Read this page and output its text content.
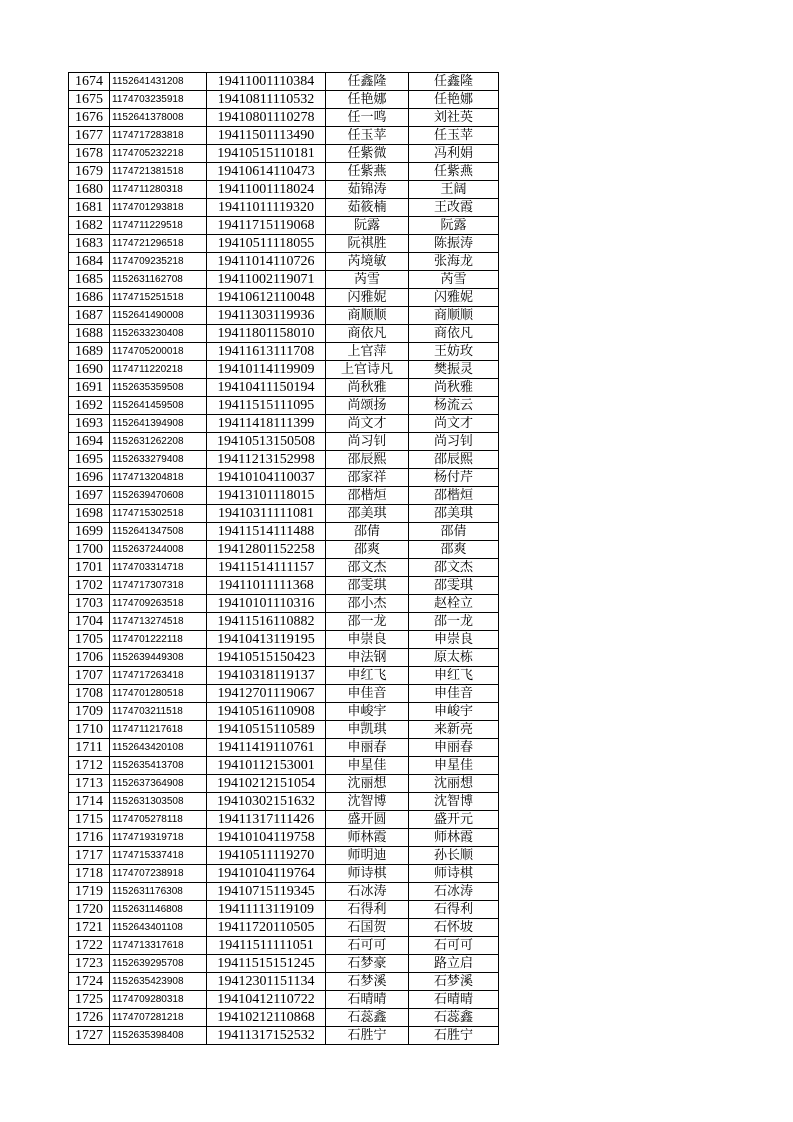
1674	1152641431208	19411001110384	任鑫隆	任鑫隆
1675	1174703235918	19410811110532	任艳娜	任艳娜
1676	1152641378008	19410801110278	任一鸣	刘社英
1677	1174717283818	19411501113490	任玉苹	任玉苹
1678	1174705232218	19410515110181	任紫微	冯利娟
1679	1174721381518	19410614110473	任紫燕	任紫燕
1680	1174711280318	19411001118024	茹锦涛	王阔
1681	1174701293818	19411011119320	茹筱楠	王改霞
1682	1174711229518	19411715119068	阮露	阮露
1683	1174721296518	19410511118055	阮祺胜	陈振涛
1684	1174709235218	19411014110726	芮境敏	张海龙
1685	1152631162708	19411002119071	芮雪	芮雪
1686	1174715251518	19410612110048	闪雅妮	闪雅妮
1687	1152641490008	19411303119936	商顺顺	商顺顺
1688	1152633230408	19411801158010	商依凡	商依凡
1689	1174705200018	19411613111708	上官萍	王妨玫
1690	1174711220218	19410114119909	上官诗凡	樊振灵
1691	1152635359508	19410411150194	尚秋雅	尚秋雅
1692	1152641459508	19411515111095	尚颂扬	杨流云
1693	1152641394908	19411418111399	尚文才	尚文才
1694	1152631262208	19410513150508	尚习钊	尚习钊
1695	1152633279408	19411213152998	邵辰熙	邵辰熙
1696	1174713204818	19410104110037	邵家祥	杨付芹
1697	1152639470608	19413101118015	邵楷烜	邵楷烜
1698	1174715302518	19410311111081	邵美琪	邵美琪
1699	1152641347508	19411514111488	邵倩	邵倩
1700	1152637244008	19412801152258	邵爽	邵爽
1701	1174703314718	19411514111157	邵文杰	邵文杰
1702	1174717307318	19411011111368	邵雯琪	邵雯琪
1703	1174709263518	19410101110316	邵小杰	赵栓立
1704	1174713274518	19411516110882	邵一龙	邵一龙
1705	1174701222118	19410413119195	申崇良	申崇良
1706	1152639449308	19410515150423	申法钢	原太栋
1707	1174717263418	19410318119137	申红飞	申红飞
1708	1174701280518	19412701119067	申佳音	申佳音
1709	1174703211518	19410516110908	申峻宇	申峻宇
1710	1174711217618	19410515110589	申凯琪	来新亮
1711	1152643420108	19411419110761	申丽春	申丽春
1712	1152635413708	19410112153001	申星佳	申星佳
1713	1152637364908	19410212151054	沈丽想	沈丽想
1714	1152631303508	19410302151632	沈智博	沈智博
1715	1174705278118	19411317111426	盛开圆	盛开元
1716	1174719319718	19410104119758	师林霞	师林霞
1717	1174715337418	19410511119270	师明迪	孙长顺
1718	1174707238918	19410104119764	师诗棋	师诗棋
1719	1152631176308	19410715119345	石冰涛	石冰涛
1720	1152631146808	19411113119109	石得利	石得利
1721	1152643401108	19411720110505	石国贺	石怀坡
1722	1174713317618	19411511111051	石可可	石可可
1723	1152639295708	19411515151245	石梦豪	路立启
1724	1152635423908	19412301151134	石梦溪	石梦溪
1725	1174709280318	19410412110722	石晴晴	石晴晴
1726	1174707281218	19410212110868	石蕊鑫	石蕊鑫
1727	1152635398408	19411317152532	石胜宁	石胜宁
